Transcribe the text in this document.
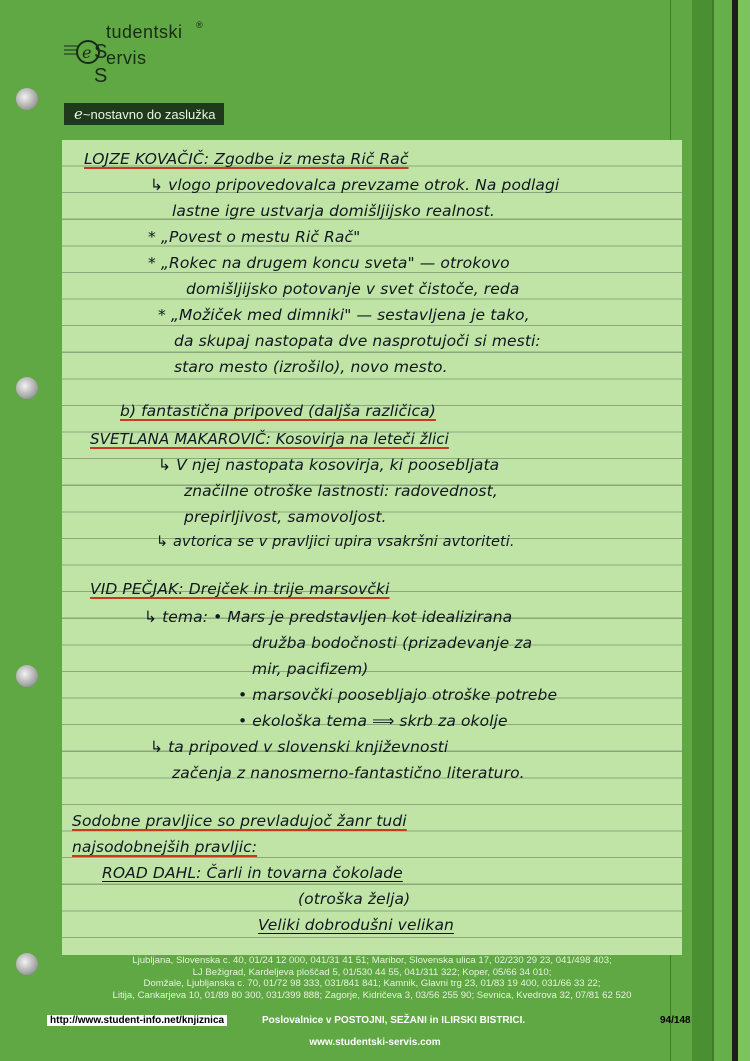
e S
S
tudentski
ervis
®
e~nostavno do zaslužka
LOJZE KOVAČIČ: Zgodbe iz mesta Rič Rač
↳ vlogo pripovedovalca prevzame otrok. Na podlagi
lastne igre ustvarja domišljijsko realnost.
* „Povest o mestu Rič Rač"
* „Rokec na drugem koncu sveta" — otrokovo
domišljijsko potovanje v svet čistoče, reda
* „Možiček med dimniki" — sestavljena je tako,
da skupaj nastopata dve nasprotujoči si mesti:
staro mesto (izrošilo), novo mesto.
b) fantastična pripoved (daljša različica)
SVETLANA MAKAROVIČ: Kosovirja na leteči žlici
↳ V njej nastopata kosovirja, ki poosebljata
značilne otroške lastnosti: radovednost,
prepirljivost, samovoljost.
↳ avtorica se v pravljici upira vsakršni avtoriteti.
VID PEČJAK: Drejček in trije marsovčki
↳ tema: • Mars je predstavljen kot idealizirana
družba bodočnosti (prizadevanje za
mir, pacifizem)
• marsovčki poosebljajo otroške potrebe
• ekološka tema ⟹ skrb za okolje
↳ ta pripoved v slovenski književnosti
začenja z nanosmerno-fantastično literaturo.
Sodobne pravljice so prevladujoč žanr tudi
najsodobnejših pravljic:
ROAD DAHL: Čarli in tovarna čokolade
(otroška želja)
Veliki dobrodušni velikan
Ljubljana, Slovenska c. 40, 01/24 12 000, 041/31 41 51; Maribor, Slovenska ulica 17, 02/230 29 23, 041/498 403;
LJ Bežigrad, Kardeljeva ploščad 5, 01/530 44 55, 041/311 322; Koper, 05/66 34 010;
Domžale, Ljubljanska c. 70, 01/72 98 333, 031/841 841; Kamnik, Glavni trg 23, 01/83 19 400, 031/66 33 22;
Litija, Cankarjeva 10, 01/89 80 300, 031/399 888; Zagorje, Kidričeva 3, 03/56 255 90; Sevnica, Kvedrova 32, 07/81 62 520
http://www.student-info.net/knjiznica	Poslovalnice v POSTOJNI, SEŽANI in ILIRSKI BISTRICI.	94/148
www.studentski-servis.com
